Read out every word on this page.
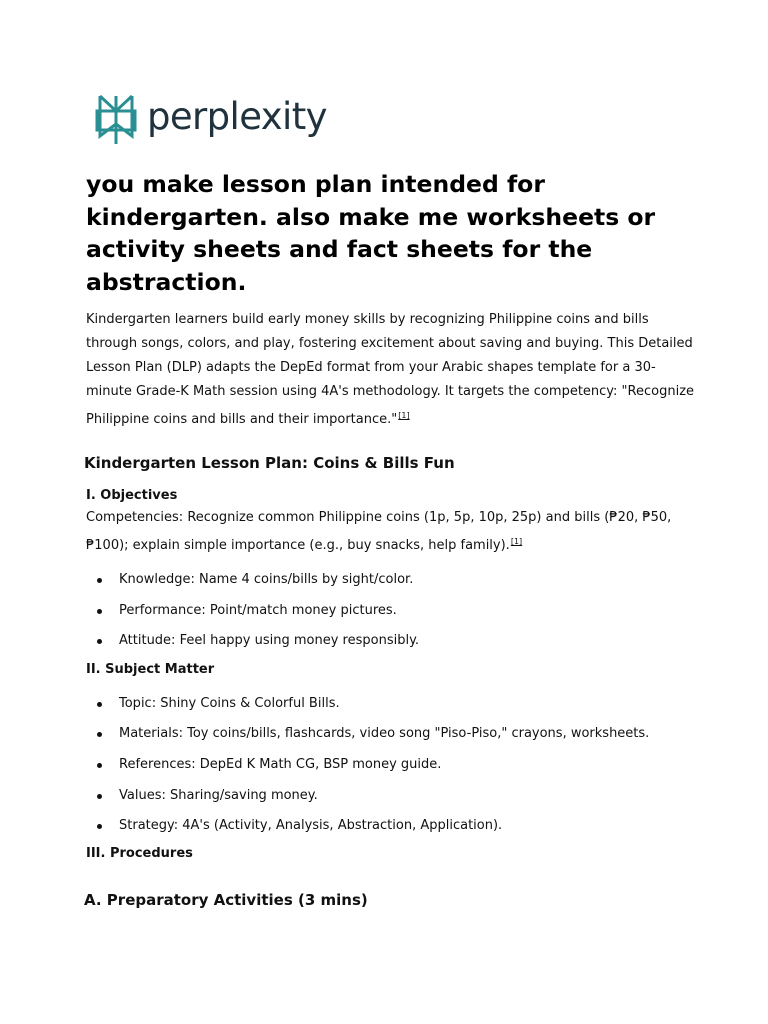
perplexity
you make lesson plan intended for kindergarten. also make me worksheets or activity sheets and fact sheets for the abstraction.

Kindergarten learners build early money skills by recognizing Philippine coins and bills through songs, colors, and play, fostering excitement about saving and buying. This Detailed Lesson Plan (DLP) adapts the DepEd format from your Arabic shapes template for a 30-minute Grade-K Math session using 4A's methodology. It targets the competency: "Recognize Philippine coins and bills and their importance."[1]

Kindergarten Lesson Plan: Coins & Bills Fun
I. Objectives

Competencies: Recognize common Philippine coins (1p, 5p, 10p, 25p) and bills (₱20, ₱50, ₱100); explain simple importance (e.g., buy snacks, help family).[1]

Knowledge: Name 4 coins/bills by sight/color.
Performance: Point/match money pictures.
Attitude: Feel happy using money responsibly.
II. Subject Matter
Topic: Shiny Coins & Colorful Bills.
Materials: Toy coins/bills, flashcards, video song "Piso-Piso," crayons, worksheets.
References: DepEd K Math CG, BSP money guide.
Values: Sharing/saving money.
Strategy: 4A's (Activity, Analysis, Abstraction, Application).
III. Procedures
A. Preparatory Activities (3 mins)
